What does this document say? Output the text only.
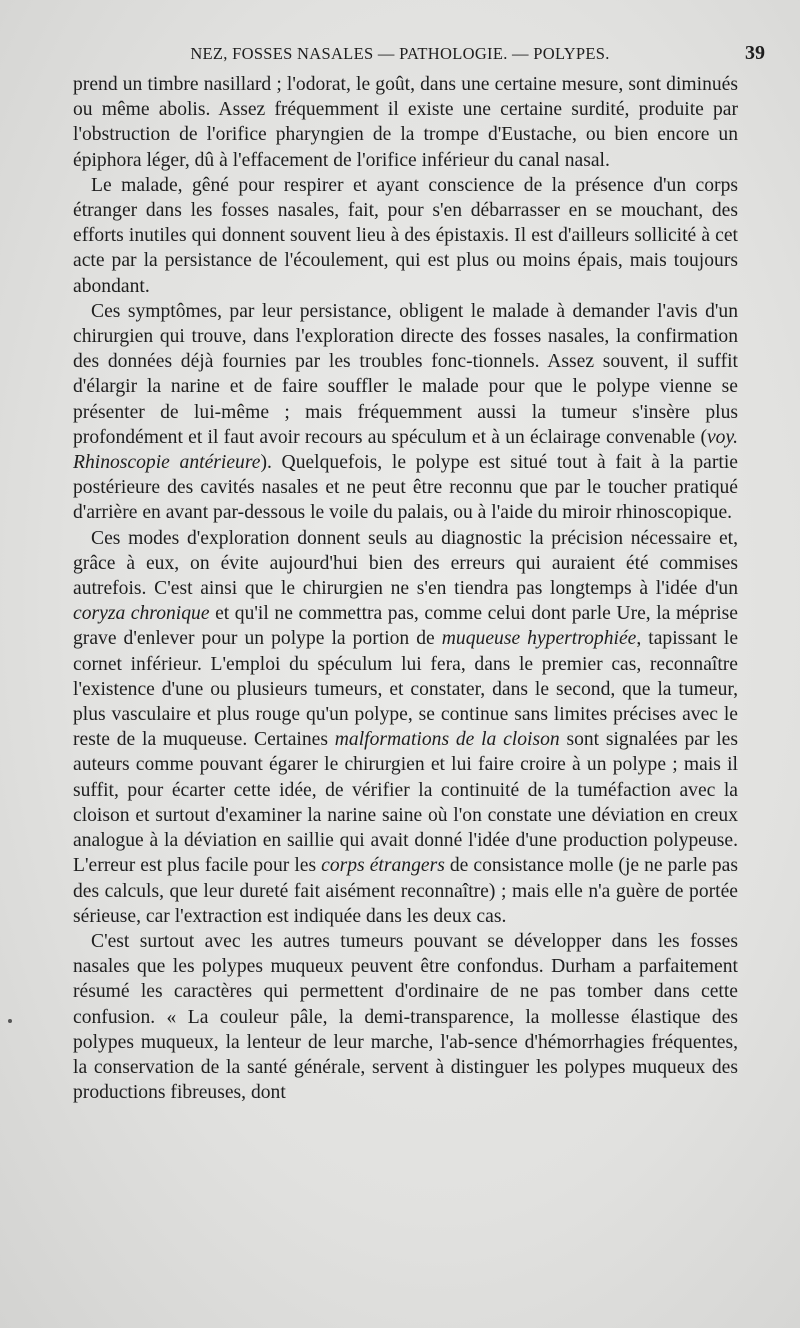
NEZ, FOSSES NASALES — PATHOLOGIE. — POLYPES.	39

prend un timbre nasillard ; l'odorat, le goût, dans une certaine mesure, sont diminués ou même abolis. Assez fréquemment il existe une certaine surdité, produite par l'obstruction de l'orifice pharyngien de la trompe d'Eustache, ou bien encore un épiphora léger, dû à l'effacement de l'orifice inférieur du canal nasal.

Le malade, gêné pour respirer et ayant conscience de la présence d'un corps étranger dans les fosses nasales, fait, pour s'en débarrasser en se mouchant, des efforts inutiles qui donnent souvent lieu à des épistaxis. Il est d'ailleurs sollicité à cet acte par la persistance de l'écoulement, qui est plus ou moins épais, mais toujours abondant.

Ces symptômes, par leur persistance, obligent le malade à demander l'avis d'un chirurgien qui trouve, dans l'exploration directe des fosses nasales, la confirmation des données déjà fournies par les troubles fonc-tionnels. Assez souvent, il suffit d'élargir la narine et de faire souffler le malade pour que le polype vienne se présenter de lui-même ; mais fréquemment aussi la tumeur s'insère plus profondément et il faut avoir recours au spéculum et à un éclairage convenable (voy. Rhinoscopie antérieure). Quelquefois, le polype est situé tout à fait à la partie postérieure des cavités nasales et ne peut être reconnu que par le toucher pratiqué d'arrière en avant par-dessous le voile du palais, ou à l'aide du miroir rhinoscopique.

Ces modes d'exploration donnent seuls au diagnostic la précision nécessaire et, grâce à eux, on évite aujourd'hui bien des erreurs qui auraient été commises autrefois. C'est ainsi que le chirurgien ne s'en tiendra pas longtemps à l'idée d'un coryza chronique et qu'il ne commettra pas, comme celui dont parle Ure, la méprise grave d'enlever pour un polype la portion de muqueuse hypertrophiée, tapissant le cornet inférieur. L'emploi du spéculum lui fera, dans le premier cas, reconnaître l'existence d'une ou plusieurs tumeurs, et constater, dans le second, que la tumeur, plus vasculaire et plus rouge qu'un polype, se continue sans limites précises avec le reste de la muqueuse. Certaines malformations de la cloison sont signalées par les auteurs comme pouvant égarer le chirurgien et lui faire croire à un polype ; mais il suffit, pour écarter cette idée, de vérifier la continuité de la tuméfaction avec la cloison et surtout d'examiner la narine saine où l'on constate une déviation en creux analogue à la déviation en saillie qui avait donné l'idée d'une production polypeuse. L'erreur est plus facile pour les corps étrangers de consistance molle (je ne parle pas des calculs, que leur dureté fait aisément reconnaître) ; mais elle n'a guère de portée sérieuse, car l'extraction est indiquée dans les deux cas.

C'est surtout avec les autres tumeurs pouvant se développer dans les fosses nasales que les polypes muqueux peuvent être confondus. Durham a parfaitement résumé les caractères qui permettent d'ordinaire de ne pas tomber dans cette confusion. « La couleur pâle, la demi-transparence, la mollesse élastique des polypes muqueux, la lenteur de leur marche, l'ab-sence d'hémorrhagies fréquentes, la conservation de la santé générale, servent à distinguer les polypes muqueux des productions fibreuses, dont
